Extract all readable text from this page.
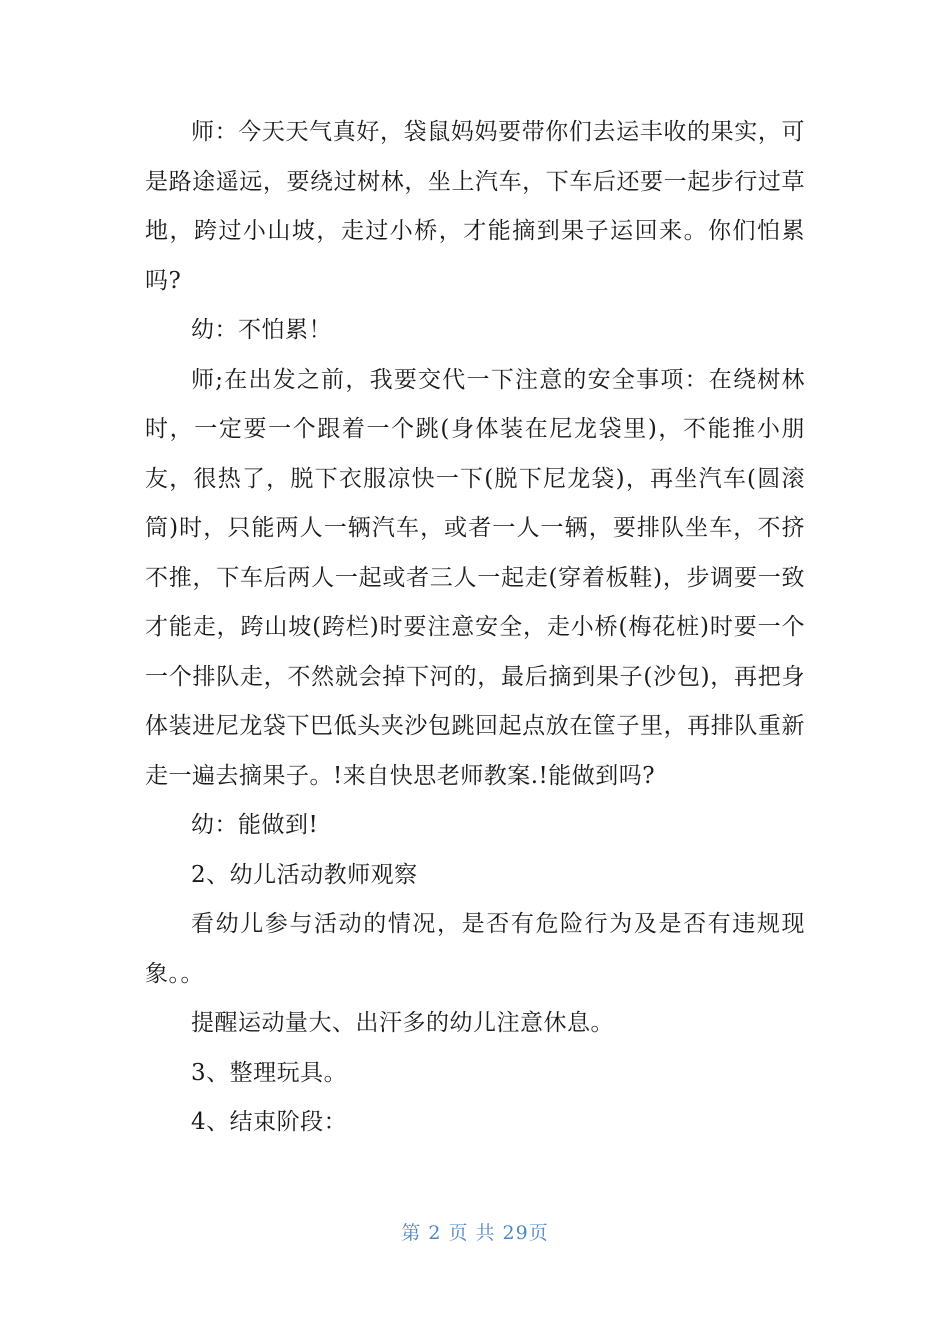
师：今天天气真好，袋鼠妈妈要带你们去运丰收的果实，可是路途遥远，要绕过树林，坐上汽车，下车后还要一起步行过草地，跨过小山坡，走过小桥，才能摘到果子运回来。你们怕累吗?

幼：不怕累！

师;在出发之前，我要交代一下注意的安全事项：在绕树林时，一定要一个跟着一个跳(身体装在尼龙袋里)，不能推小朋友，很热了，脱下衣服凉快一下(脱下尼龙袋)，再坐汽车(圆滚筒)时，只能两人一辆汽车，或者一人一辆，要排队坐车，不挤不推，下车后两人一起或者三人一起走(穿着板鞋)，步调要一致才能走，跨山坡(跨栏)时要注意安全，走小桥(梅花桩)时要一个一个排队走，不然就会掉下河的，最后摘到果子(沙包)，再把身体装进尼龙袋下巴低头夹沙包跳回起点放在筐子里，再排队重新走一遍去摘果子。!来自快思老师教案.!能做到吗?

幼：能做到!

2、幼儿活动教师观察

看幼儿参与活动的情况，是否有危险行为及是否有违规现象。。

提醒运动量大、出汗多的幼儿注意休息。

3、整理玩具。

4、结束阶段：

第 2 页 共 29页
